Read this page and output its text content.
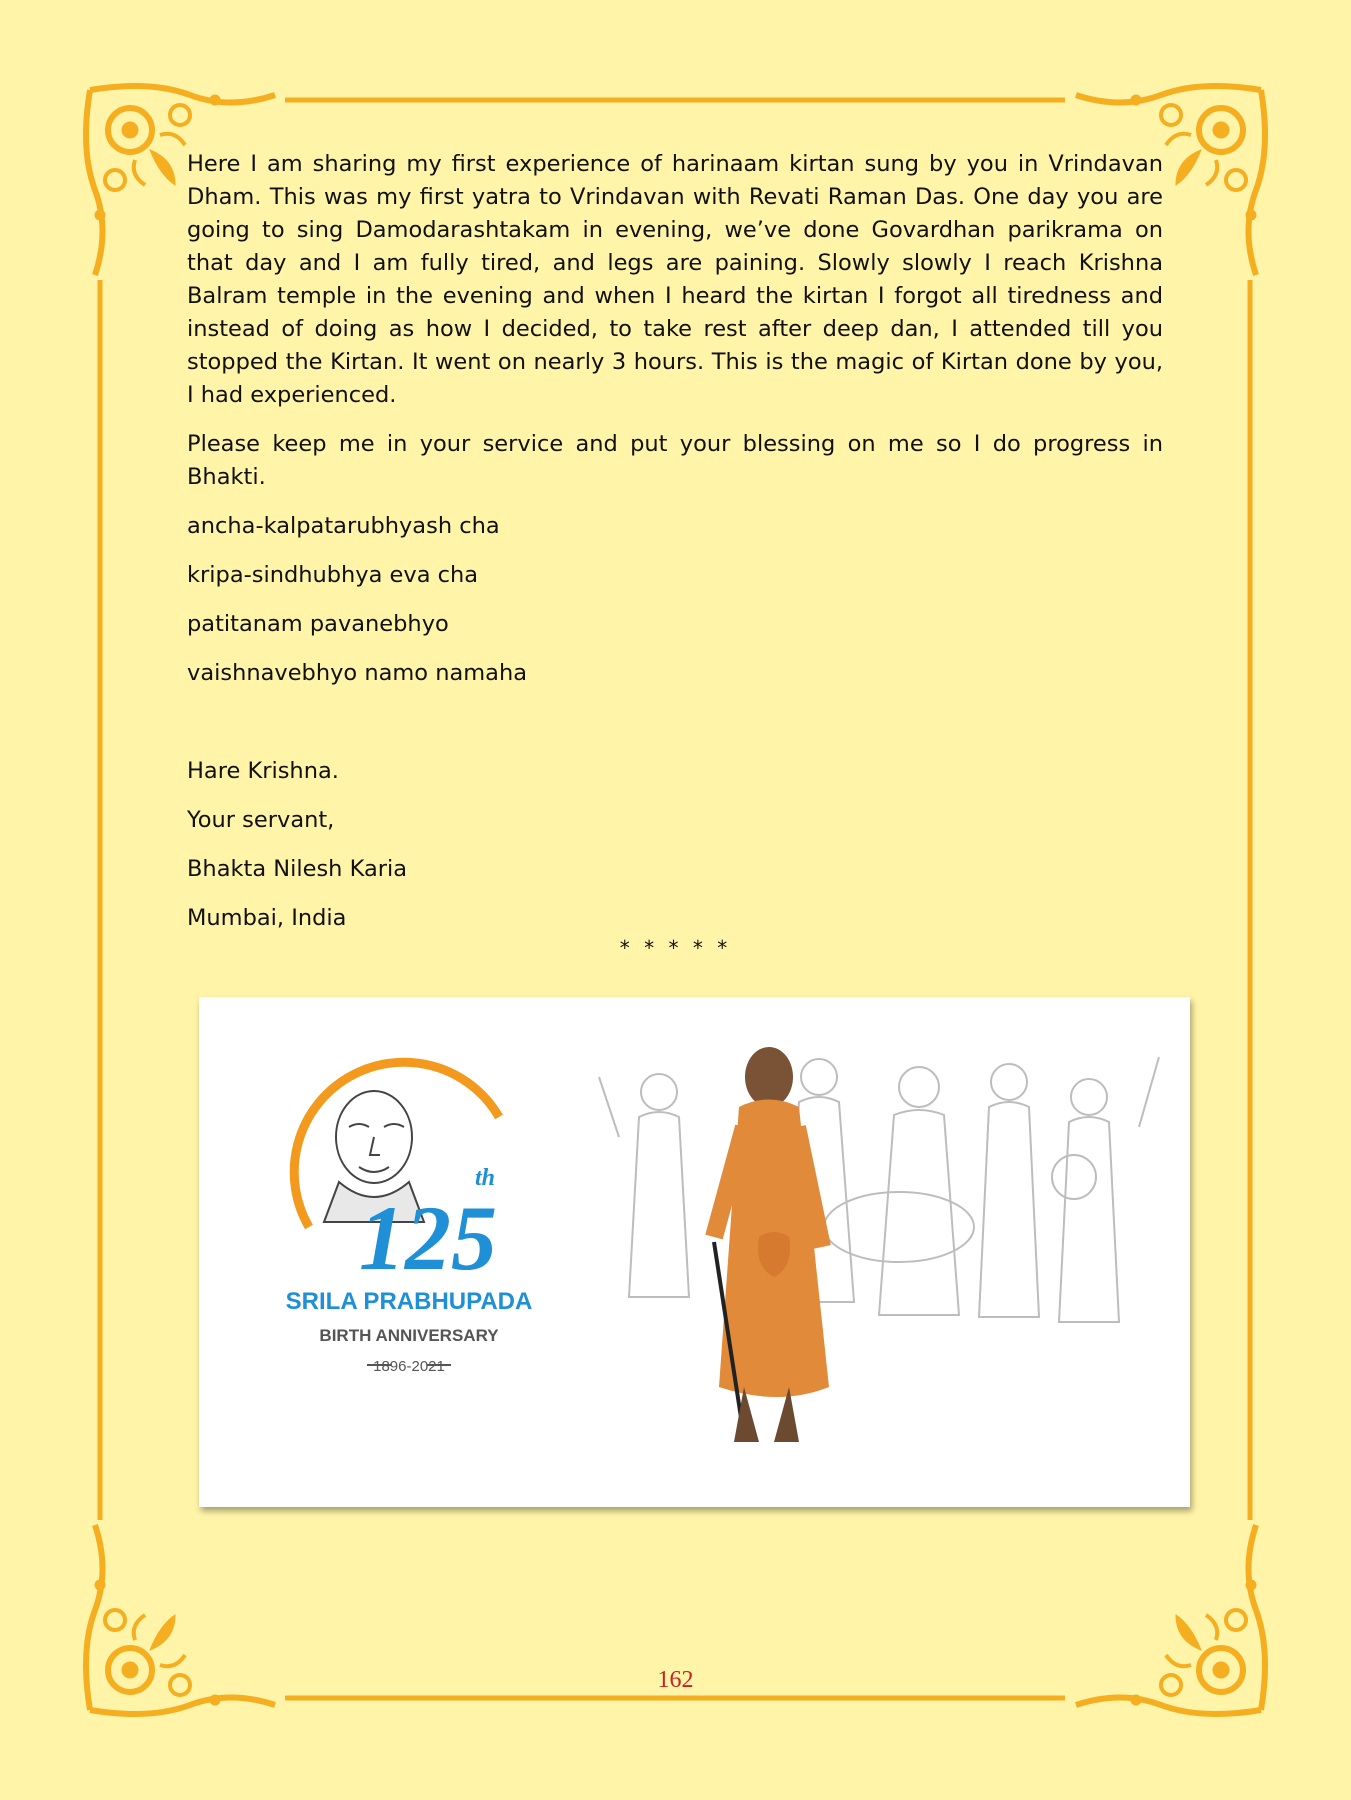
Here I am sharing my first experience of harinaam kirtan sung by you in Vrindavan Dham. This was my first yatra to Vrindavan with Revati Raman Das. One day you are going to sing Damodarashtakam in evening, we’ve done Govardhan parikrama on that day and I am fully tired, and legs are paining. Slowly slowly I reach Krishna Balram temple in the evening and when I heard the kirtan I forgot all tiredness and instead of doing as how I decided, to take rest after deep dan, I attended till you stopped the Kirtan. It went on nearly 3 hours. This is the magic of Kirtan done by you, I had experienced.

Please keep me in your service and put your blessing on me so I do progress in Bhakti.

ancha-kalpatarubhyash cha
kripa-sindhubhya eva cha
patitanam pavanebhyo
vaishnavebhyo namo namaha
Hare Krishna.
Your servant,
Bhakta Nilesh Karia
Mumbai, India
* * * * *
125
th
SRILA PRABHUPADA
BIRTH ANNIVERSARY
1896-2021
162
